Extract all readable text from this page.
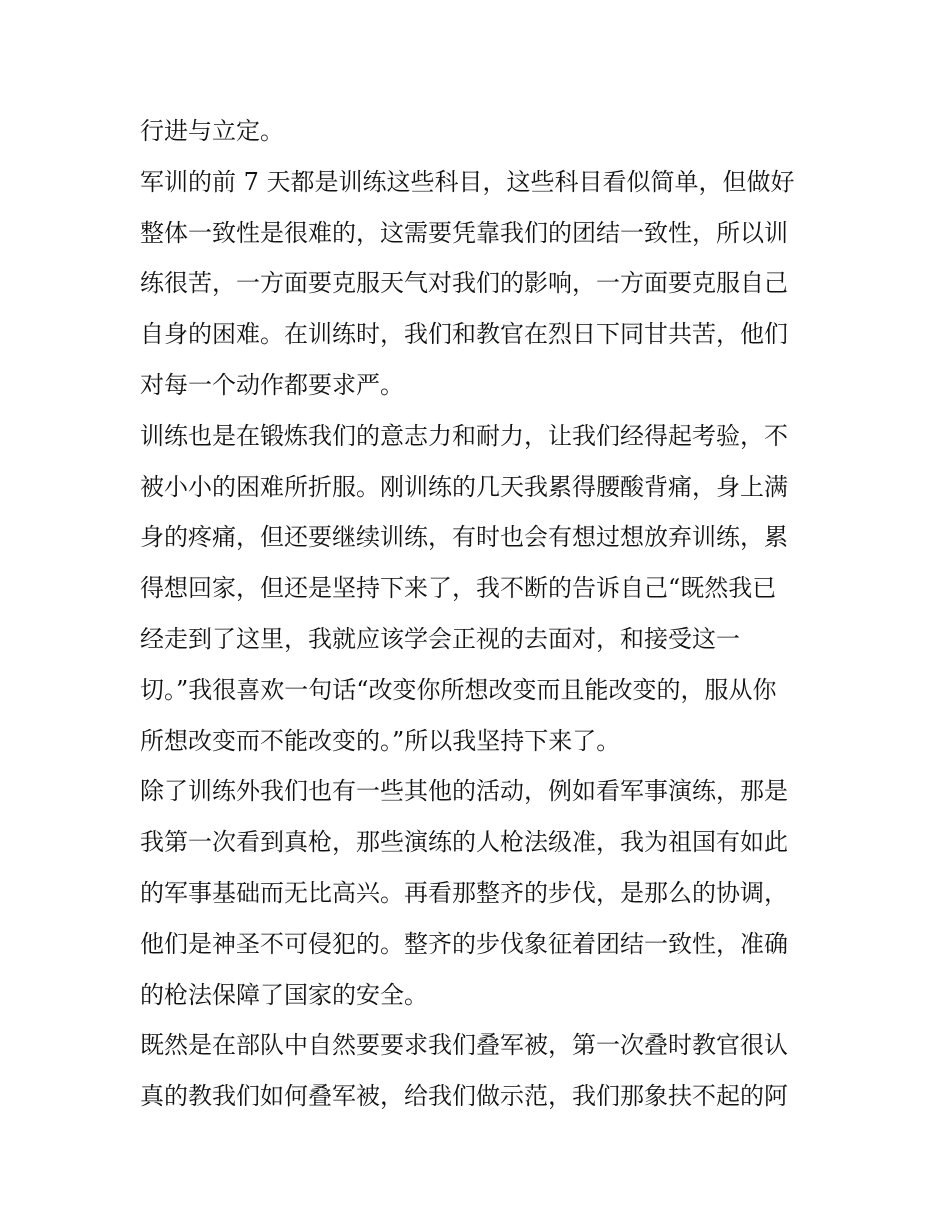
行进与立定。
军训的前 7 天都是训练这些科目，这些科目看似简单，但做好
整体一致性是很难的，这需要凭靠我们的团结一致性，所以训
练很苦，一方面要克服天气对我们的影响，一方面要克服自己
自身的困难。在训练时，我们和教官在烈日下同甘共苦，他们
对每一个动作都要求严。
训练也是在锻炼我们的意志力和耐力，让我们经得起考验，不
被小小的困难所折服。刚训练的几天我累得腰酸背痛，身上满
身的疼痛，但还要继续训练，有时也会有想过想放弃训练，累
得想回家，但还是坚持下来了，我不断的告诉自己“既然我已
经走到了这里，我就应该学会正视的去面对，和接受这一
切。”我很喜欢一句话“改变你所想改变而且能改变的，服从你
所想改变而不能改变的。”所以我坚持下来了。
除了训练外我们也有一些其他的活动，例如看军事演练，那是
我第一次看到真枪，那些演练的人枪法级准，我为祖国有如此
的军事基础而无比高兴。再看那整齐的步伐，是那么的协调，
他们是神圣不可侵犯的。整齐的步伐象征着团结一致性，准确
的枪法保障了国家的安全。
既然是在部队中自然要要求我们叠军被，第一次叠时教官很认
真的教我们如何叠军被，给我们做示范，我们那象扶不起的阿
